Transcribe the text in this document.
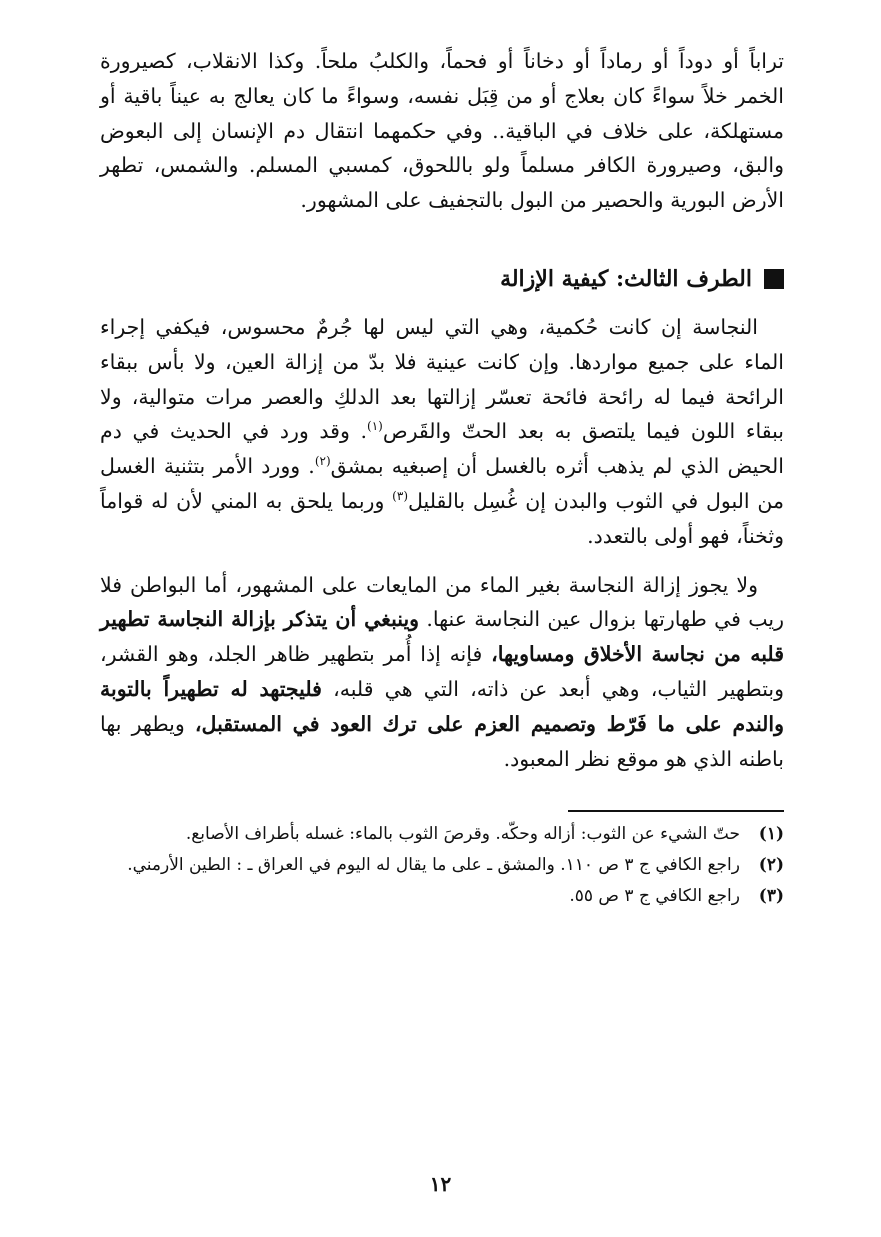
تراباً أو دوداً أو رماداً أو دخاناً أو فحماً، والكلبُ ملحاً. وكذا الانقلاب، كصيرورة الخمر خلاً سواءً كان بعلاج أو من قِبَل نفسه، وسواءً ما كان يعالج به عيناً باقية أو مستهلكة، على خلاف في الباقية.. وفي حكمهما انتقال دم الإنسان إلى البعوض والبق، وصيرورة الكافر مسلماً ولو باللحوق، كمسبي المسلم. والشمس، تطهر الأرض البورية والحصير من البول بالتجفيف على المشهور.

الطرف الثالث: كيفية الإزالة

النجاسة إن كانت حُكمية، وهي التي ليس لها جُرمٌ محسوس، فيكفي إجراء الماء على جميع مواردها. وإن كانت عينية فلا بدّ من إزالة العين، ولا بأس ببقاء الرائحة فيما له رائحة فائحة تعسّر إزالتها بعد الدلكِ والعصر مرات متوالية، ولا ببقاء اللون فيما يلتصق به بعد الحتّ والقَرص$^{(١)}$. وقد ورد في الحديث في دم الحيض الذي لم يذهب أثره بالغسل أن إصبغيه بمشق$^{(٢)}$. وورد الأمر بتثنية الغسل من البول في الثوب والبدن إن غُسِل بالقليل$^{(٣)}$ وربما يلحق به المني لأن له قواماً وثخناً، فهو أولى بالتعدد.

ولا يجوز إزالة النجاسة بغير الماء من المايعات على المشهور، أما البواطن فلا ريب في طهارتها بزوال عين النجاسة عنها. وينبغي أن يتذكر بإزالة النجاسة تطهير قلبه من نجاسة الأخلاق ومساويها، فإنه إذا أُمر بتطهير ظاهر الجلد، وهو القشر، وبتطهير الثياب، وهي أبعد عن ذاته، التي هي قلبه، فليجتهد له تطهيراً بالتوبة والندم على ما فَرّط وتصميم العزم على ترك العود في المستقبل، ويطهر بها باطنه الذي هو موقع نظر المعبود.

(١)
حتّ الشيء عن الثوب: أزاله وحكّه. وقرصَ الثوب بالماء: غسله بأطراف الأصابع.
(٢)
راجع الكافي ج ٣ ص ١١٠. والمشق ـ على ما يقال له اليوم في العراق ـ : الطين الأرمني.
(٣)
راجع الكافي ج ٣ ص ٥٥.
١٢
